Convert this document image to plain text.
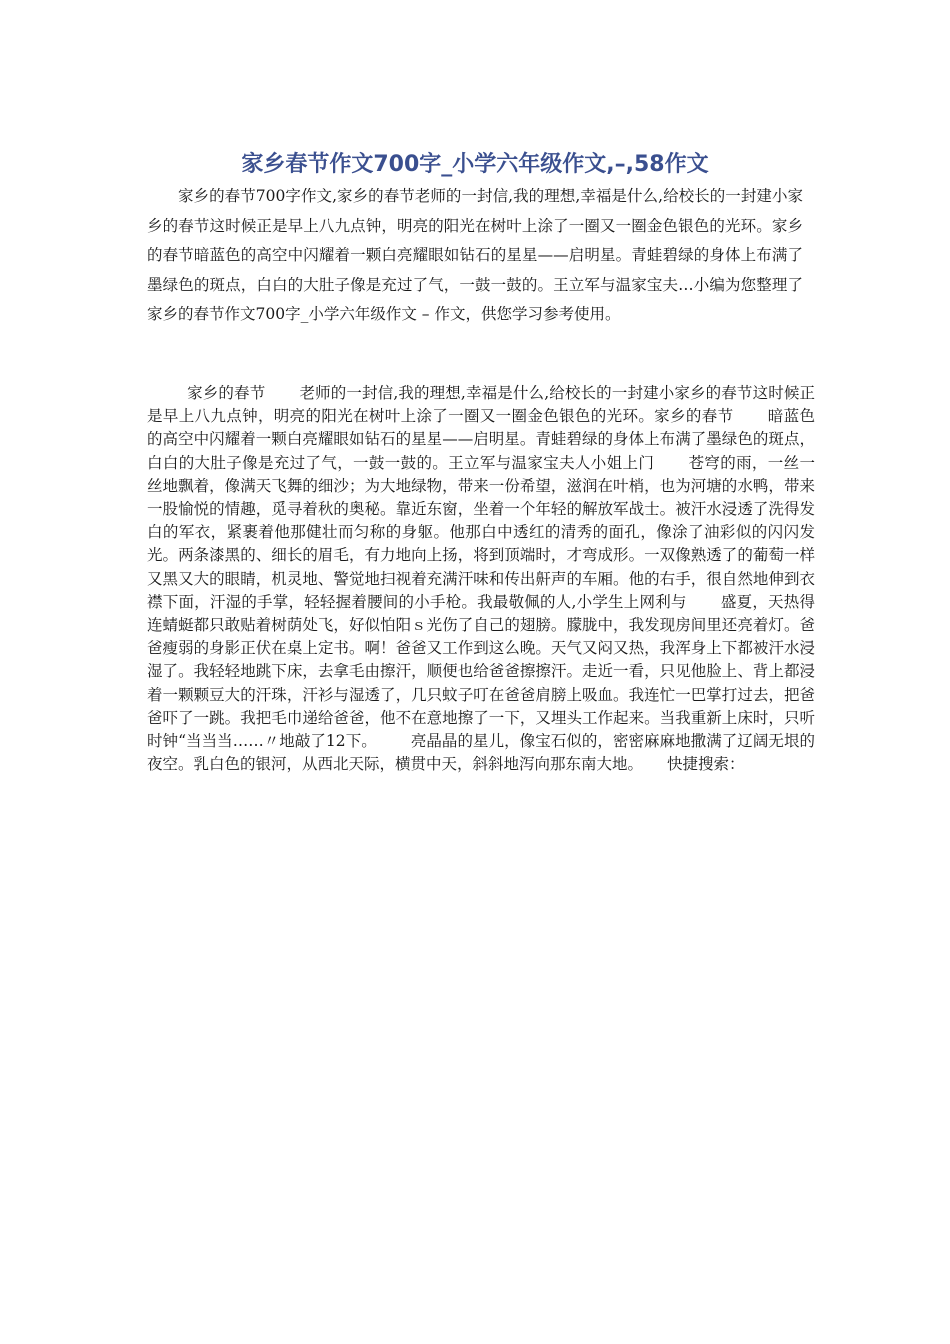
家乡春节作文700字_小学六年级作文,–,58作文

家乡的春节700字作文,家乡的春节老师的一封信,我的理想,幸福是什么,给校长的一封建小家乡的春节这时候正是早上八九点钟，明亮的阳光在树叶上涂了一圈又一圈金色银色的光环。家乡的春节暗蓝色的高空中闪耀着一颗白亮耀眼如钻石的星星——启明星。青蛙碧绿的身体上布满了墨绿色的斑点，白白的大肚子像是充过了气，一鼓一鼓的。王立军与温家宝夫…小编为您整理了家乡的春节作文700字_小学六年级作文 – 作文，供您学习参考使用。

家乡的春节 老师的一封信,我的理想,幸福是什么,给校长的一封建小家乡的春节这时候正是早上八九点钟，明亮的阳光在树叶上涂了一圈又一圈金色银色的光环。家乡的春节 暗蓝色的高空中闪耀着一颗白亮耀眼如钻石的星星——启明星。青蛙碧绿的身体上布满了墨绿色的斑点，白白的大肚子像是充过了气，一鼓一鼓的。王立军与温家宝夫人小姐上门 苍穹的雨，一丝一丝地飘着，像满天飞舞的细沙；为大地绿物，带来一份希望，滋润在叶梢，也为河塘的水鸭，带来一股愉悦的情趣，觅寻着秋的奥秘。靠近东窗，坐着一个年轻的解放军战士。被汗水浸透了洗得发白的军衣，紧裹着他那健壮而匀称的身躯。他那白中透红的清秀的面孔，像涂了油彩似的闪闪发光。两条漆黑的、细长的眉毛，有力地向上扬，将到顶端时，才弯成形。一双像熟透了的葡萄一样又黑又大的眼睛，机灵地、警觉地扫视着充满汗味和传出鼾声的车厢。他的右手，很自然地伸到衣襟下面，汗湿的手掌，轻轻握着腰间的小手枪。我最敬佩的人,小学生上网利与 盛夏，天热得连蜻蜓都只敢贴着树荫处飞，好似怕阳ｓ光伤了自己的翅膀。朦胧中，我发现房间里还亮着灯。爸爸瘦弱的身影正伏在桌上定书。啊！爸爸又工作到这么晚。天气又闷又热，我浑身上下都被汗水浸湿了。我轻轻地跳下床，去拿毛由擦汗，顺便也给爸爸擦擦汗。走近一看，只见他脸上、背上都浸着一颗颗豆大的汗珠，汗衫与湿透了，几只蚊子叮在爸爸肩膀上吸血。我连忙一巴掌打过去，把爸爸吓了一跳。我把毛巾递给爸爸，他不在意地擦了一下，又埋头工作起来。当我重新上床时，只听时钟“当当当……〃地敲了12下。 亮晶晶的星儿，像宝石似的，密密麻麻地撒满了辽阔无垠的夜空。乳白色的银河，从西北天际，横贯中天，斜斜地泻向那东南大地。 快捷搜索：
